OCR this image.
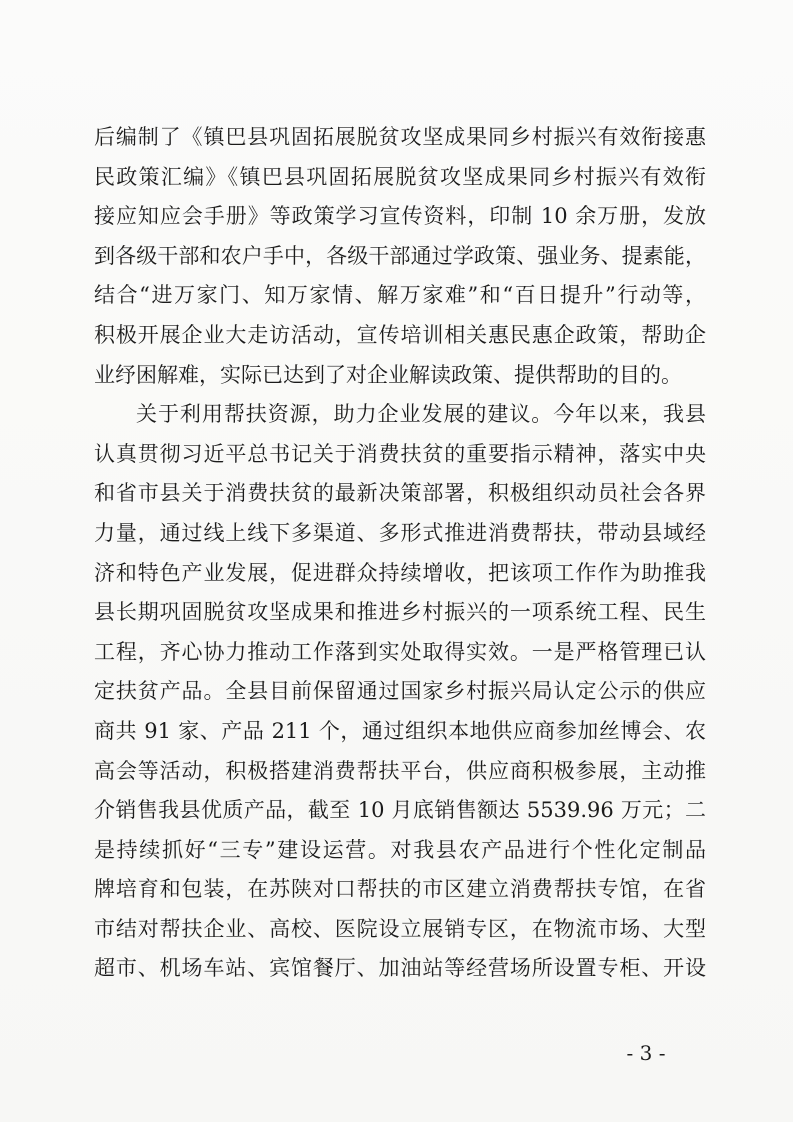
后编制了《镇巴县巩固拓展脱贫攻坚成果同乡村振兴有效衔接惠
民政策汇编》《镇巴县巩固拓展脱贫攻坚成果同乡村振兴有效衔
接应知应会手册》等政策学习宣传资料，印制 10 余万册，发放
到各级干部和农户手中，各级干部通过学政策、强业务、提素能，
结合“进万家门、知万家情、解万家难”和“百日提升”行动等，
积极开展企业大走访活动，宣传培训相关惠民惠企政策，帮助企
业纾困解难，实际已达到了对企业解读政策、提供帮助的目的。
关于利用帮扶资源，助力企业发展的建议。今年以来，我县
认真贯彻习近平总书记关于消费扶贫的重要指示精神，落实中央
和省市县关于消费扶贫的最新决策部署，积极组织动员社会各界
力量，通过线上线下多渠道、多形式推进消费帮扶，带动县域经
济和特色产业发展，促进群众持续增收，把该项工作作为助推我
县长期巩固脱贫攻坚成果和推进乡村振兴的一项系统工程、民生
工程，齐心协力推动工作落到实处取得实效。一是严格管理已认
定扶贫产品。全县目前保留通过国家乡村振兴局认定公示的供应
商共 91 家、产品 211 个，通过组织本地供应商参加丝博会、农
高会等活动，积极搭建消费帮扶平台，供应商积极参展，主动推
介销售我县优质产品，截至 10 月底销售额达 5539.96 万元；二
是持续抓好“三专”建设运营。对我县农产品进行个性化定制品
牌培育和包装，在苏陕对口帮扶的市区建立消费帮扶专馆，在省
市结对帮扶企业、高校、医院设立展销专区，在物流市场、大型
超市、机场车站、宾馆餐厅、加油站等经营场所设置专柜、开设
- 3 -
